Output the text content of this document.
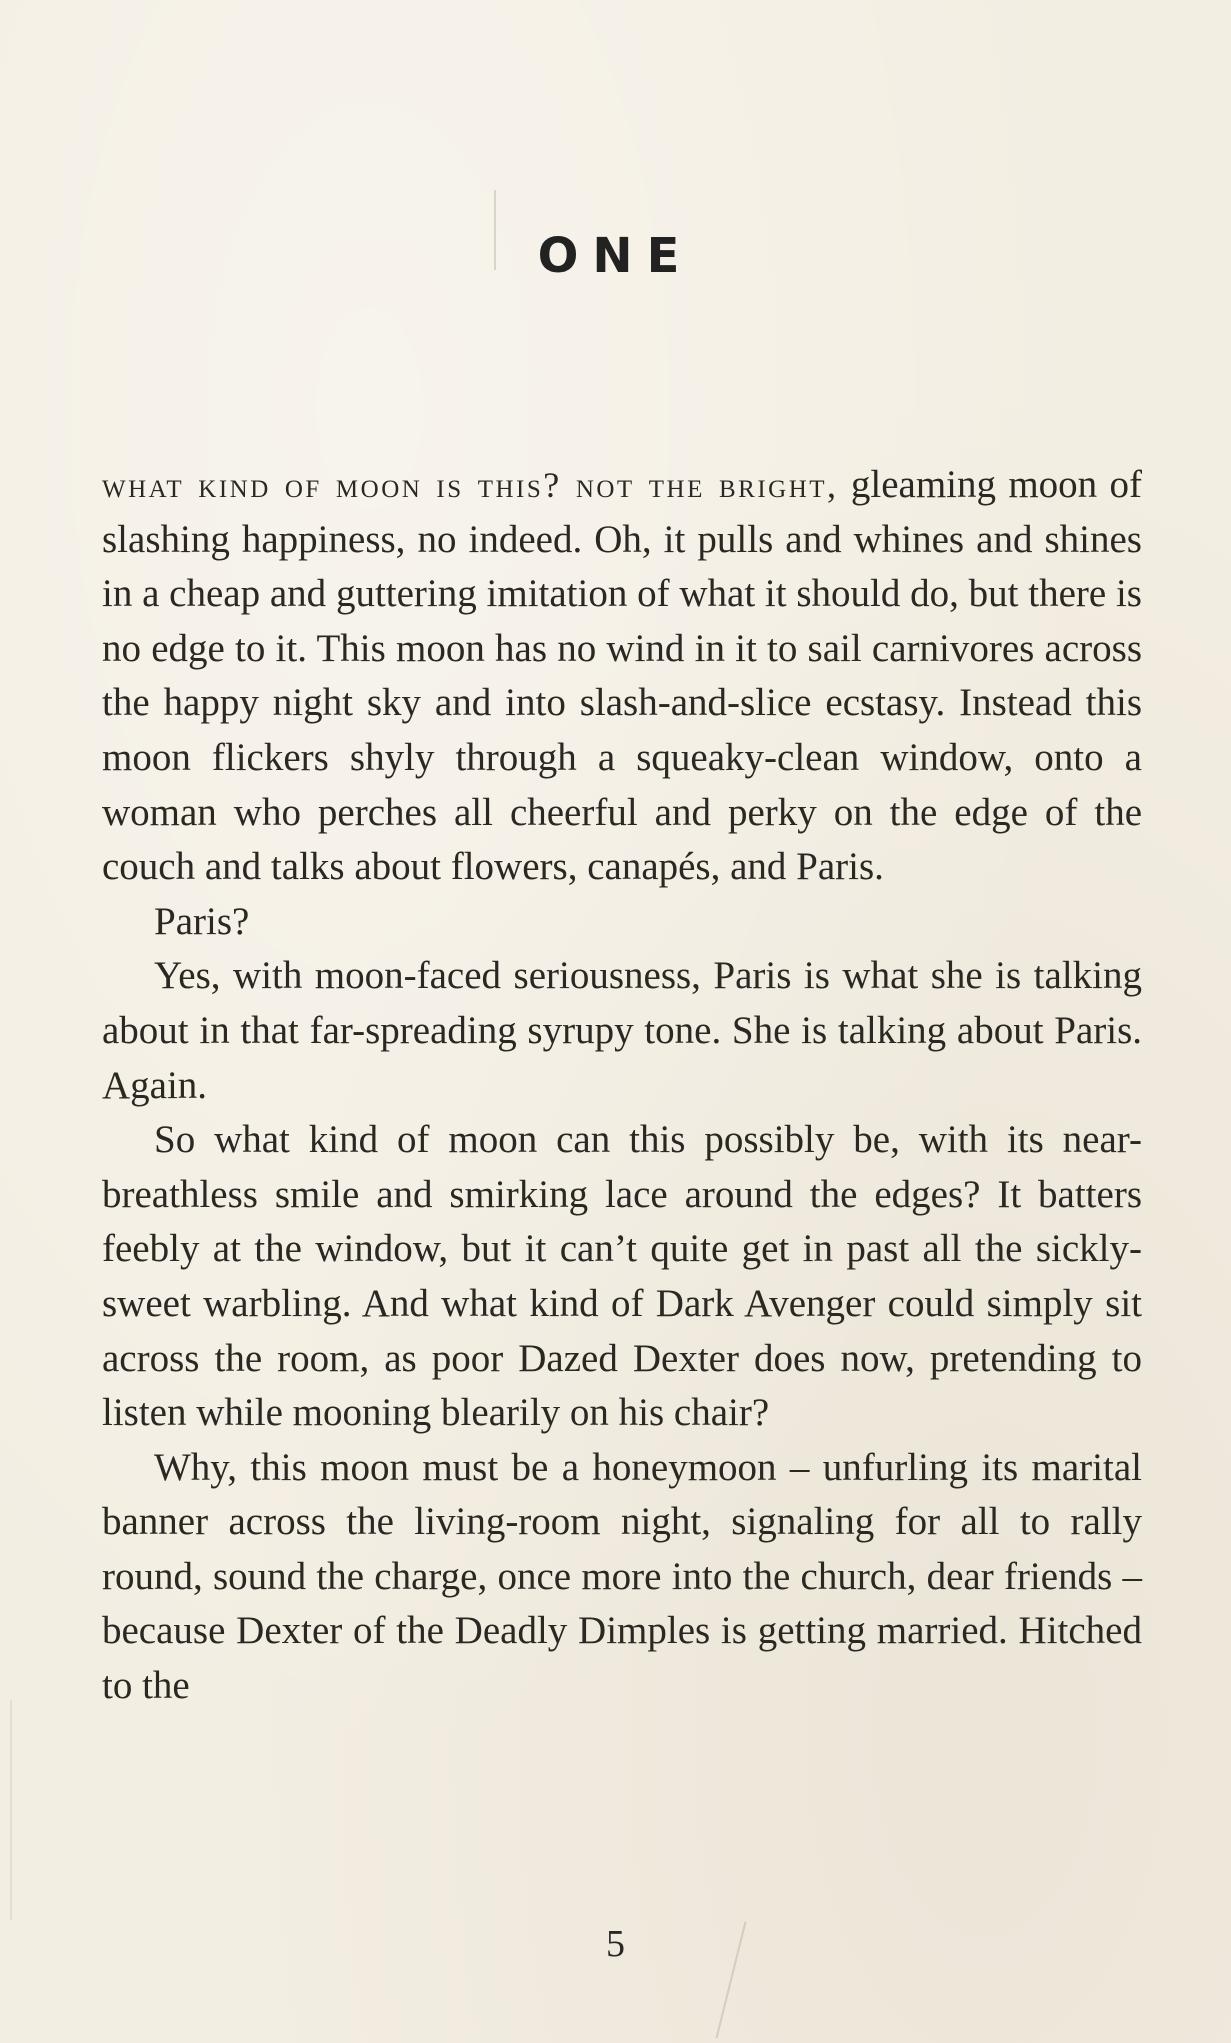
ONE

what kind of moon is this? not the bright, gleaming moon of slashing happiness, no indeed. Oh, it pulls and whines and shines in a cheap and guttering imitation of what it should do, but there is no edge to it. This moon has no wind in it to sail carnivores across the happy night sky and into slash-and-slice ecstasy. Instead this moon flickers shyly through a squeaky-clean window, onto a woman who perches all cheerful and perky on the edge of the couch and talks about flowers, canapés, and Paris.

Paris?

Yes, with moon-faced seriousness, Paris is what she is talking about in that far-spreading syrupy tone. She is talking about Paris. Again.

So what kind of moon can this possibly be, with its near-breathless smile and smirking lace around the edges? It batters feebly at the window, but it can’t quite get in past all the sickly-sweet warbling. And what kind of Dark Avenger could simply sit across the room, as poor Dazed Dexter does now, pretending to listen while mooning blearily on his chair?

Why, this moon must be a honeymoon – unfurling its marital banner across the living-room night, signaling for all to rally round, sound the charge, once more into the church, dear friends – because Dexter of the Deadly Dimples is getting married. Hitched to the

5
